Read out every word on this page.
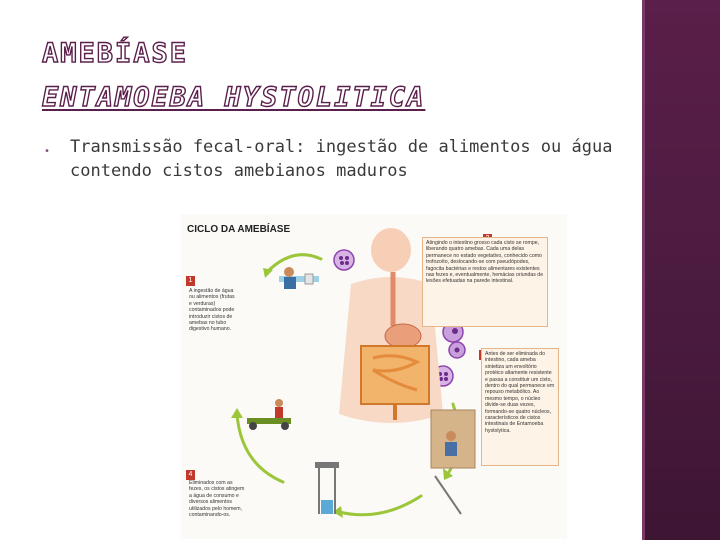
AMEBÍASE
ENTAMOEBA HYSTOLITICA
• Transmissão fecal-oral: ingestão de alimentos ou água contendo cistos amebianos maduros
CICLO DA AMEBÍASE
1
4
A ingestão de água ou alimentos (frutas e verduras) contaminados pode introduzir cistos de amebas no tubo digestivo humano.
Atingindo o intestino grosso cada cisto se rompe, liberando quatro amebas. Cada uma delas permanece no estado vegetativo, conhecido como trofozoíto, deslocando-se com pseudópodes, fagocita bactérias e restos alimentares existentes nas fezes e, eventualmente, hemácias oriundas de lesões efetuadas na parede intestinal.
Antes de ser eliminada do intestino, cada ameba sintetiza um envoltório protéico altamente resistente e passa a constituir um cisto, dentro do qual permanece em repouso metabólico. Ao mesmo tempo, o núcleo divide-se duas vezes, formando-se quatro núcleos, característicos de cistos intestinais de Entamoeba hystolytica.
Eliminados com as fezes, os cistos atingem a água de consumo e diversos alimentos utilizados pelo homem, contaminando-os.
